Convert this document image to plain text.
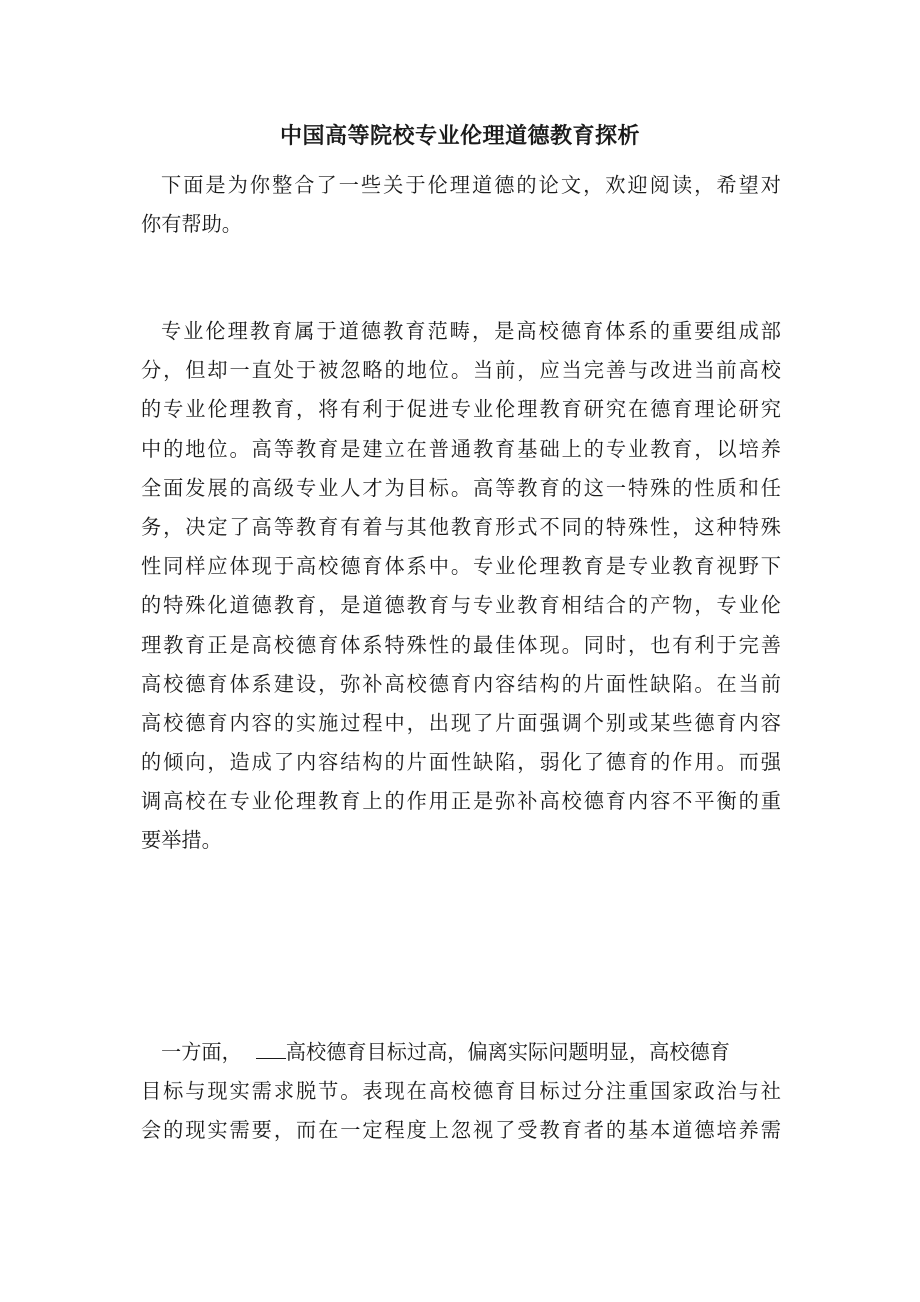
中国高等院校专业伦理道德教育探析
下面是为你整合了一些关于伦理道德的论文，欢迎阅读，希望对
你有帮助。
专业伦理教育属于道德教育范畴，是高校德育体系的重要组成部
分，但却一直处于被忽略的地位。当前，应当完善与改进当前高校
的专业伦理教育，将有利于促进专业伦理教育研究在德育理论研究
中的地位。高等教育是建立在普通教育基础上的专业教育，以培养
全面发展的高级专业人才为目标。高等教育的这一特殊的性质和任
务，决定了高等教育有着与其他教育形式不同的特殊性，这种特殊
性同样应体现于高校德育体系中。专业伦理教育是专业教育视野下
的特殊化道德教育，是道德教育与专业教育相结合的产物，专业伦
理教育正是高校德育体系特殊性的最佳体现。同时，也有利于完善
高校德育体系建设，弥补高校德育内容结构的片面性缺陷。在当前
高校德育内容的实施过程中，出现了片面强调个别或某些德育内容
的倾向，造成了内容结构的片面性缺陷，弱化了德育的作用。而强
调高校在专业伦理教育上的作用正是弥补高校德育内容不平衡的重
要举措。
一方面， 高校德育目标过高，偏离实际问题明显，高校德育
目标与现实需求脱节。表现在高校德育目标过分注重国家政治与社
会的现实需要，而在一定程度上忽视了受教育者的基本道德培养需
